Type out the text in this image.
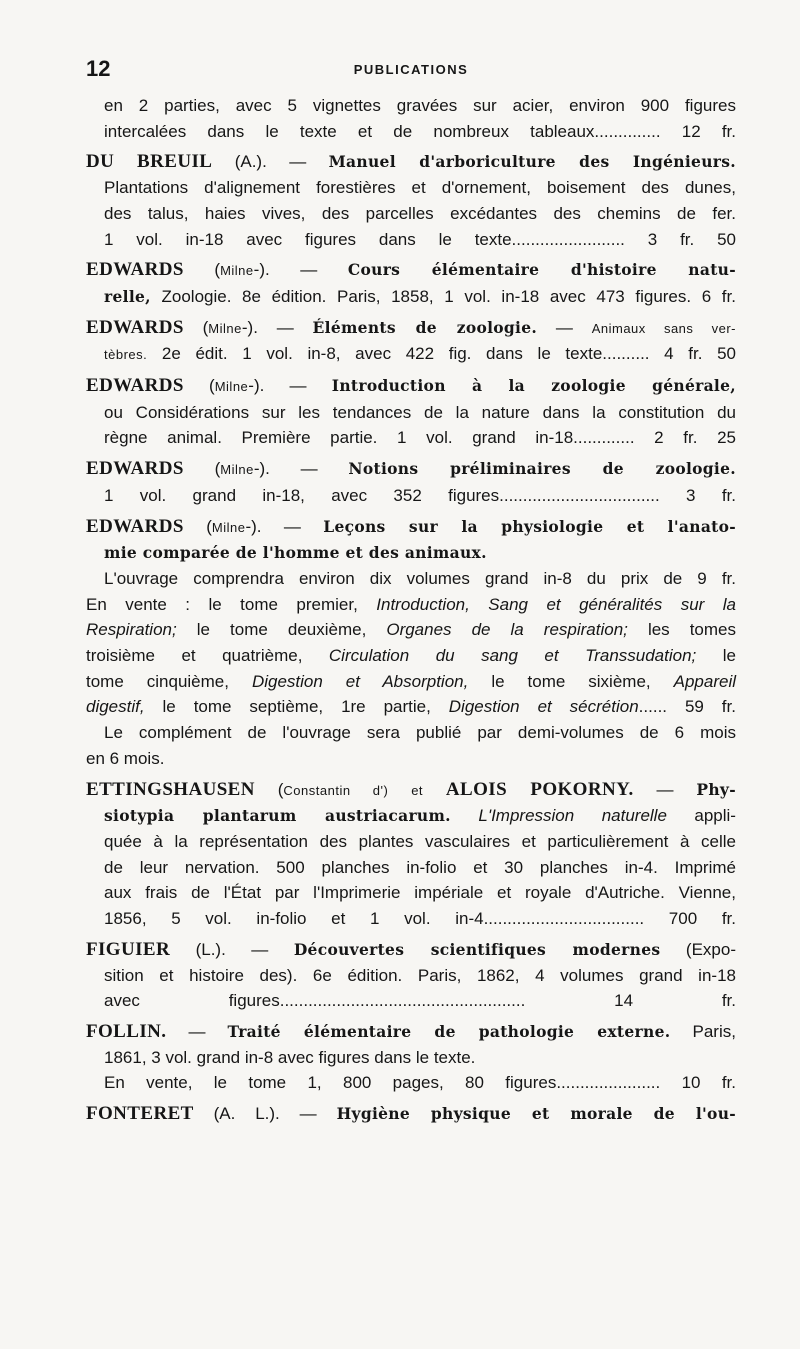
12	PUBLICATIONS
en 2 parties, avec 5 vignettes gravées sur acier, environ 900 figures
intercalées dans le texte et de nombreux tableaux.............. 12 fr.
DU BREUIL (A.). — Manuel d'arboriculture des Ingénieurs.
Plantations d'alignement forestières et d'ornement, boisement des dunes,
des talus, haies vives, des parcelles excédantes des chemins de fer.
1 vol. in-18 avec figures dans le texte........................ 3 fr. 50
EDWARDS (Milne-). — Cours élémentaire d'histoire natu-
relle, Zoologie. 8e édition. Paris, 1858, 1 vol. in-18 avec 473 figures. 6 fr.
EDWARDS (Milne-). — Éléments de zoologie. — Animaux sans ver-
tèbres. 2e édit. 1 vol. in-8, avec 422 fig. dans le texte.......... 4 fr. 50
EDWARDS (Milne-). — Introduction à la zoologie générale,
ou Considérations sur les tendances de la nature dans la constitution du
règne animal. Première partie. 1 vol. grand in-18............. 2 fr. 25
EDWARDS (Milne-). — Notions préliminaires de zoologie.
1 vol. grand in-18, avec 352 figures.................................. 3 fr.
EDWARDS (Milne-). — Leçons sur la physiologie et l'anato-
mie comparée de l'homme et des animaux.
L'ouvrage comprendra environ dix volumes grand in-8 du prix de 9 fr.
En vente : le tome premier, Introduction, Sang et généralités sur la
Respiration; le tome deuxième, Organes de la respiration; les tomes
troisième et quatrième, Circulation du sang et Transsudation; le
tome cinquième, Digestion et Absorption, le tome sixième, Appareil
digestif, le tome septième, 1re partie, Digestion et sécrétion...... 59 fr.
Le complément de l'ouvrage sera publié par demi-volumes de 6 mois
en 6 mois.
ETTINGSHAUSEN (Constantin d') et ALOIS POKORNY. — Phy-
siotypia plantarum austriacarum. L'Impression naturelle appli-
quée à la représentation des plantes vasculaires et particulièrement à celle
de leur nervation. 500 planches in-folio et 30 planches in-4. Imprimé
aux frais de l'État par l'Imprimerie impériale et royale d'Autriche. Vienne,
1856, 5 vol. in-folio et 1 vol. in-4.................................. 700 fr.
FIGUIER (L.). — Découvertes scientifiques modernes (Expo-
sition et histoire des). 6e édition. Paris, 1862, 4 volumes grand in-18
avec figures.................................................... 14 fr.
FOLLIN. — Traité élémentaire de pathologie externe. Paris,
1861, 3 vol. grand in-8 avec figures dans le texte.
En vente, le tome 1, 800 pages, 80 figures...................... 10 fr.
FONTERET (A. L.). — Hygiène physique et morale de l'ou-
